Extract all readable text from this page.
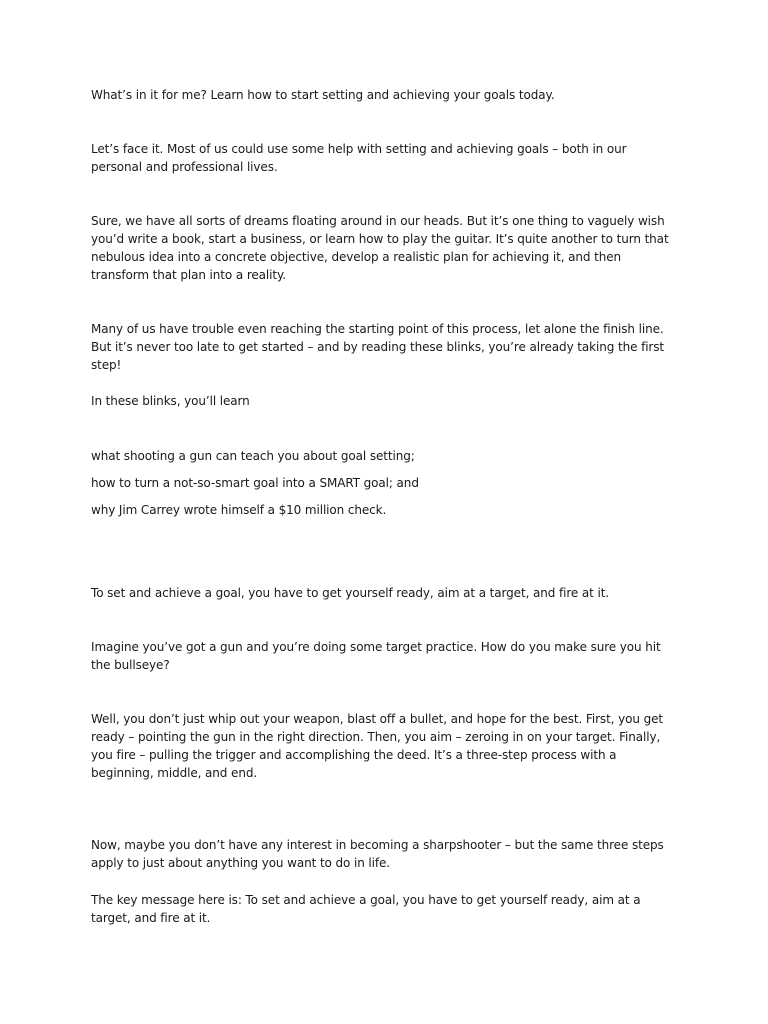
What’s in it for me? Learn how to start setting and achieving your goals today.

Let’s face it. Most of us could use some help with setting and achieving goals – both in our personal and professional lives.

Sure, we have all sorts of dreams floating around in our heads. But it’s one thing to vaguely wish you’d write a book, start a business, or learn how to play the guitar. It’s quite another to turn that nebulous idea into a concrete objective, develop a realistic plan for achieving it, and then transform that plan into a reality.

Many of us have trouble even reaching the starting point of this process, let alone the finish line. But it’s never too late to get started – and by reading these blinks, you’re already taking the first step!

In these blinks, you’ll learn

what shooting a gun can teach you about goal setting;

how to turn a not-so-smart goal into a SMART goal; and

why Jim Carrey wrote himself a $10 million check.

To set and achieve a goal, you have to get yourself ready, aim at a target, and fire at it.

Imagine you’ve got a gun and you’re doing some target practice. How do you make sure you hit the bullseye?

Well, you don’t just whip out your weapon, blast off a bullet, and hope for the best. First, you get ready – pointing the gun in the right direction. Then, you aim – zeroing in on your target. Finally, you fire – pulling the trigger and accomplishing the deed. It’s a three-step process with a beginning, middle, and end.

Now, maybe you don’t have any interest in becoming a sharpshooter – but the same three steps apply to just about anything you want to do in life.

The key message here is: To set and achieve a goal, you have to get yourself ready, aim at a target, and fire at it.
